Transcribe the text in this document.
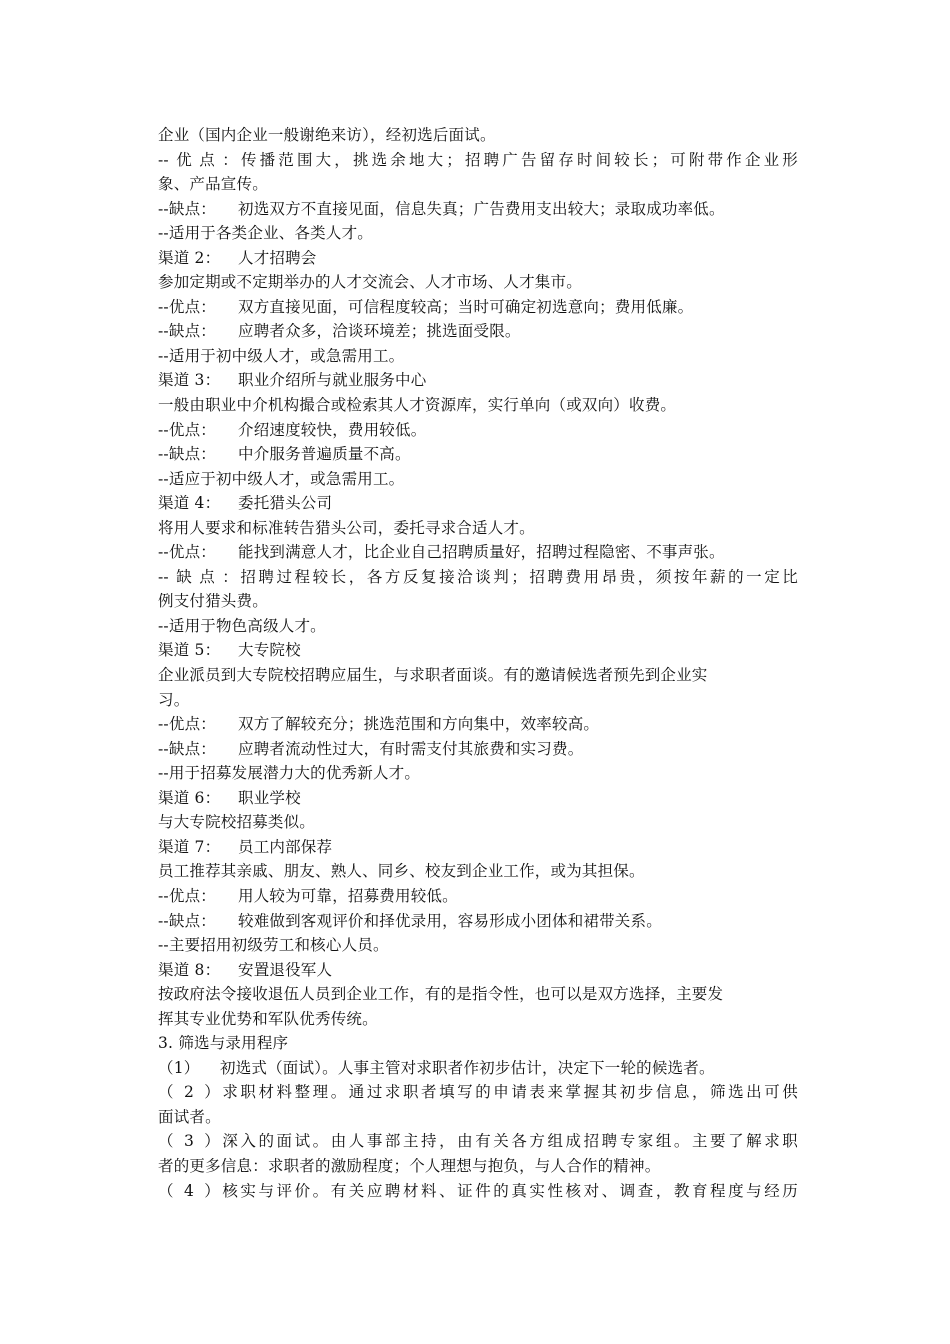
企业（国内企业一般谢绝来访），经初选后面试。
--优点：传播范围大，挑选余地大；招聘广告留存时间较长；可附带作企业形
象、产品宣传。
--缺点： 初选双方不直接见面，信息失真；广告费用支出较大；录取成功率低。
--适用于各类企业、各类人才。
渠道 2： 人才招聘会
参加定期或不定期举办的人才交流会、人才市场、人才集市。
--优点： 双方直接见面，可信程度较高；当时可确定初选意向；费用低廉。
--缺点： 应聘者众多，洽谈环境差；挑选面受限。
--适用于初中级人才，或急需用工。
渠道 3： 职业介绍所与就业服务中心
一般由职业中介机构撮合或检索其人才资源库，实行单向（或双向）收费。
--优点： 介绍速度较快，费用较低。
--缺点： 中介服务普遍质量不高。
--适应于初中级人才，或急需用工。
渠道 4： 委托猎头公司
将用人要求和标准转告猎头公司，委托寻求合适人才。
--优点： 能找到满意人才，比企业自己招聘质量好，招聘过程隐密、不事声张。
--缺点：招聘过程较长，各方反复接洽谈判；招聘费用昂贵，须按年薪的一定比
例支付猎头费。
--适用于物色高级人才。
渠道 5： 大专院校
企业派员到大专院校招聘应届生，与求职者面谈。有的邀请候选者预先到企业实
习。
--优点： 双方了解较充分；挑选范围和方向集中，效率较高。
--缺点： 应聘者流动性过大，有时需支付其旅费和实习费。
--用于招募发展潜力大的优秀新人才。
渠道 6： 职业学校
与大专院校招募类似。
渠道 7： 员工内部保荐
员工推荐其亲戚、朋友、熟人、同乡、校友到企业工作，或为其担保。
--优点： 用人较为可靠，招募费用较低。
--缺点： 较难做到客观评价和择优录用，容易形成小团体和裙带关系。
--主要招用初级劳工和核心人员。
渠道 8： 安置退役军人
按政府法令接收退伍人员到企业工作，有的是指令性，也可以是双方选择，主要发
挥其专业优势和军队优秀传统。
3. 筛选与录用程序
（1） 初选式（面试）。人事主管对求职者作初步估计，决定下一轮的候选者。
（2）求职材料整理。通过求职者填写的申请表来掌握其初步信息，筛选出可供
面试者。
（3）深入的面试。由人事部主持，由有关各方组成招聘专家组。主要了解求职
者的更多信息：求职者的激励程度；个人理想与抱负，与人合作的精神。
（4）核实与评价。有关应聘材料、证件的真实性核对、调查，教育程度与经历
